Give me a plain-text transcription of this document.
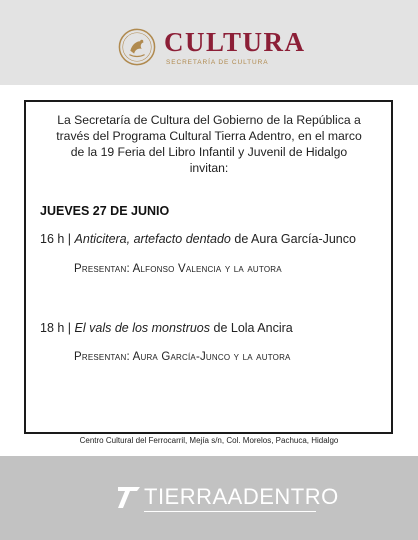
CULTURA
SECRETARÍA DE CULTURA
La Secretaría de Cultura del Gobierno de la República a través del Programa Cultural Tierra Adentro, en el marco de la 19 Feria del Libro Infantil y Juvenil de Hidalgo invitan:
JUEVES 27 DE JUNIO
16 h | Anticitera, artefacto dentado de Aura García-Junco
Presentan: Alfonso Valencia y la autora
18 h | El vals de los monstruos de Lola Ancira
Presentan: Aura García-Junco y la autora
Centro Cultural del Ferrocarril, Mejía s/n, Col. Morelos, Pachuca, Hidalgo
TIERRAADENTRO
